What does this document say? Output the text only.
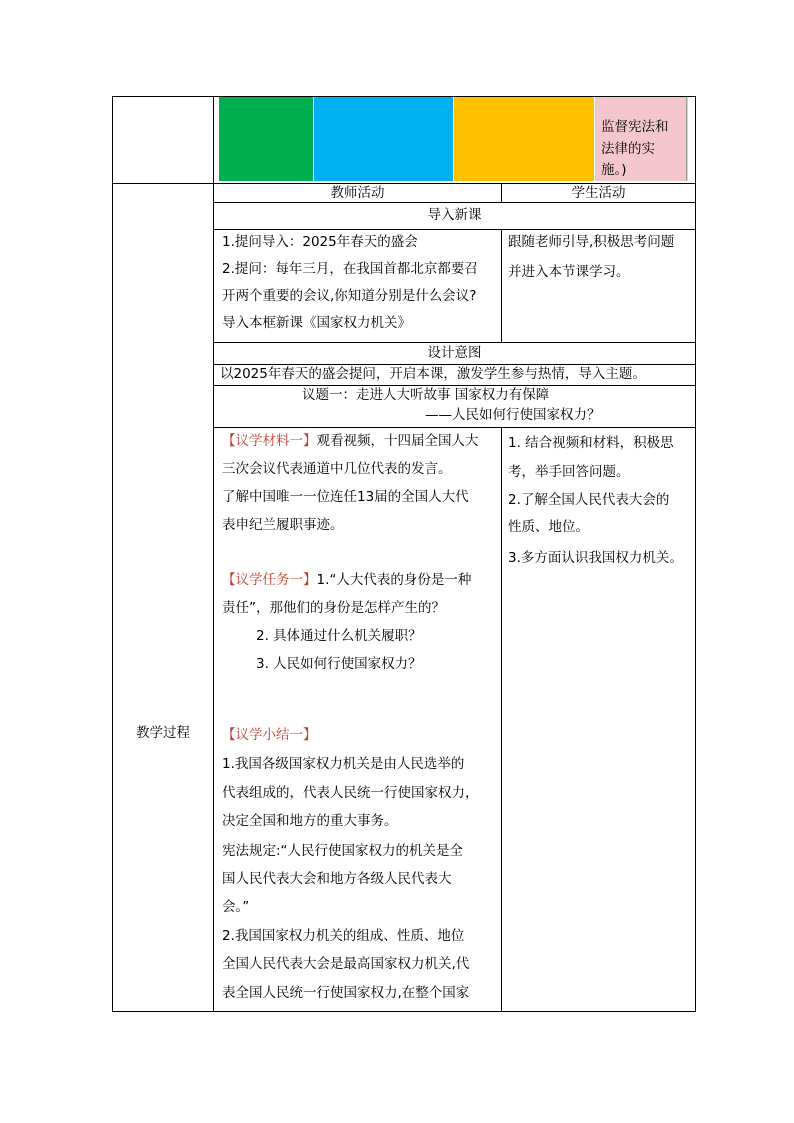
监督宪法和
法律的实
施。)
教学过程
教师活动	学生活动
导入新课
1.提问导入：2025年春天的盛会
2.提问：每年三月，在我国首都北京都要召
开两个重要的会议,你知道分别是什么会议?
导入本框新课《国家权力机关》
跟随老师引导,积极思考问题
并进入本节课学习。
设计意图
以2025年春天的盛会提问，开启本课，激发学生参与热情，导入主题。
议题一：走进人大听故事 国家权力有保障
——人民如何行使国家权力？
【议学材料一】观看视频，十四届全国人大
三次会议代表通道中几位代表的发言。
了解中国唯一一位连任13届的全国人大代
表申纪兰履职事迹。
【议学任务一】1.“人大代表的身份是一种
责任”，那他们的身份是怎样产生的？
2. 具体通过什么机关履职？
3. 人民如何行使国家权力？
【议学小结一】
1.我国各级国家权力机关是由人民选举的
代表组成的，代表人民统一行使国家权力，
决定全国和地方的重大事务。
宪法规定:“人民行使国家权力的机关是全
国人民代表大会和地方各级人民代表大
会。”
2.我国国家权力机关的组成、性质、地位
全国人民代表大会是最高国家权力机关,代
表全国人民统一行使国家权力,在整个国家
1. 结合视频和材料，积极思
考，举手回答问题。
2.了解全国人民代表大会的
性质、地位。
3.多方面认识我国权力机关。
